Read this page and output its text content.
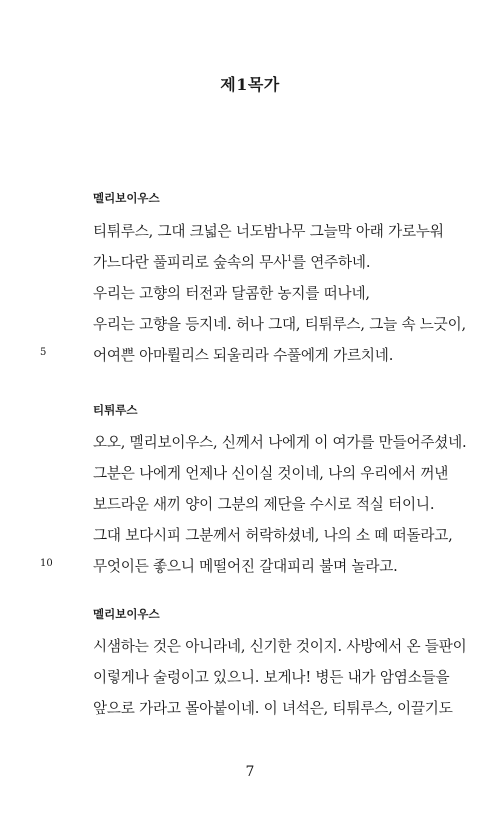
제1목가
멜리보이우스
티튀루스, 그대 크넓은 너도밤나무 그늘막 아래 가로누워
가느다란 풀피리로 숲속의 무사$^1$를 연주하네.
우리는 고향의 터전과 달콤한 농지를 떠나네,
우리는 고향을 등지네. 허나 그대, 티튀루스, 그늘 속 느긋이,
5	어여쁜 아마륄리스 되울리라 수풀에게 가르치네.
티튀루스
오오, 멜리보이우스, 신께서 나에게 이 여가를 만들어주셨네.
그분은 나에게 언제나 신이실 것이네, 나의 우리에서 꺼낸
보드라운 새끼 양이 그분의 제단을 수시로 적실 터이니.
그대 보다시피 그분께서 허락하셨네, 나의 소 떼 떠돌라고,
10	무엇이든 좋으니 메떨어진 갈대피리 불며 놀라고.
멜리보이우스
시샘하는 것은 아니라네, 신기한 것이지. 사방에서 온 들판이
이렇게나 술렁이고 있으니. 보게나! 병든 내가 암염소들을
앞으로 가라고 몰아붙이네. 이 녀석은, 티튀루스, 이끌기도
7
